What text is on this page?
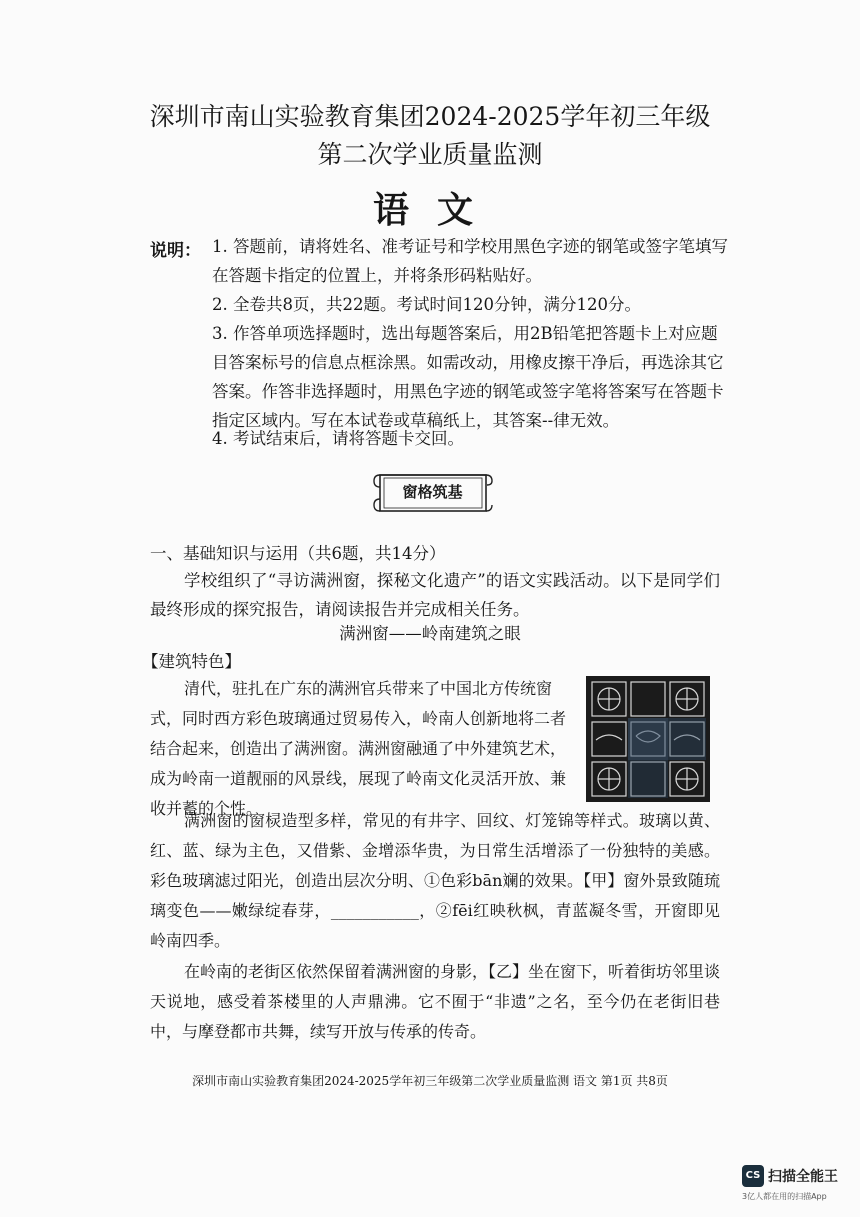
深圳市南山实验教育集团2024-2025学年初三年级
第二次学业质量监测
语文
说明： 1. 答题前，请将姓名、准考证号和学校用黑色字迹的钢笔或签字笔填写在答题卡指定的位置上，并将条形码粘贴好。
2. 全卷共8页，共22题。考试时间120分钟，满分120分。
3. 作答单项选择题时，选出每题答案后，用2B铅笔把答题卡上对应题目答案标号的信息点框涂黑。如需改动，用橡皮擦干净后，再选涂其它答案。作答非选择题时，用黑色字迹的钢笔或签字笔将答案写在答题卡指定区域内。写在本试卷或草稿纸上，其答案--律无效。
4. 考试结束后，请将答题卡交回。
窗格筑基
一、基础知识与运用（共6题，共14分）
学校组织了“寻访满洲窗，探秘文化遗产”的语文实践活动。以下是同学们最终形成的探究报告，请阅读报告并完成相关任务。
满洲窗——岭南建筑之眼
【建筑特色】
清代，驻扎在广东的满洲官兵带来了中国北方传统窗式，同时西方彩色玻璃通过贸易传入，岭南人创新地将二者结合起来，创造出了满洲窗。满洲窗融通了中外建筑艺术，成为岭南一道靓丽的风景线，展现了岭南文化灵活开放、兼收并蓄的个性。
满洲窗的窗棂造型多样，常见的有井字、回纹、灯笼锦等样式。玻璃以黄、红、蓝、绿为主色，又借紫、金增添华贵，为日常生活增添了一份独特的美感。彩色玻璃滤过阳光，创造出层次分明、①色彩bān斓的效果。【甲】窗外景致随琉璃变色——嫩绿绽春芽，___________，②fēi红映秋枫，青蓝凝冬雪，开窗即见岭南四季。
在岭南的老街区依然保留着满洲窗的身影，【乙】坐在窗下，听着街坊邻里谈天说地，感受着茶楼里的人声鼎沸。它不囿于“非遗”之名，至今仍在老街旧巷中，与摩登都市共舞，续写开放与传承的传奇。
深圳市南山实验教育集团2024-2025学年初三年级第二次学业质量监测 语文 第1页 共8页
CS 扫描全能王
3亿人都在用的扫描App
